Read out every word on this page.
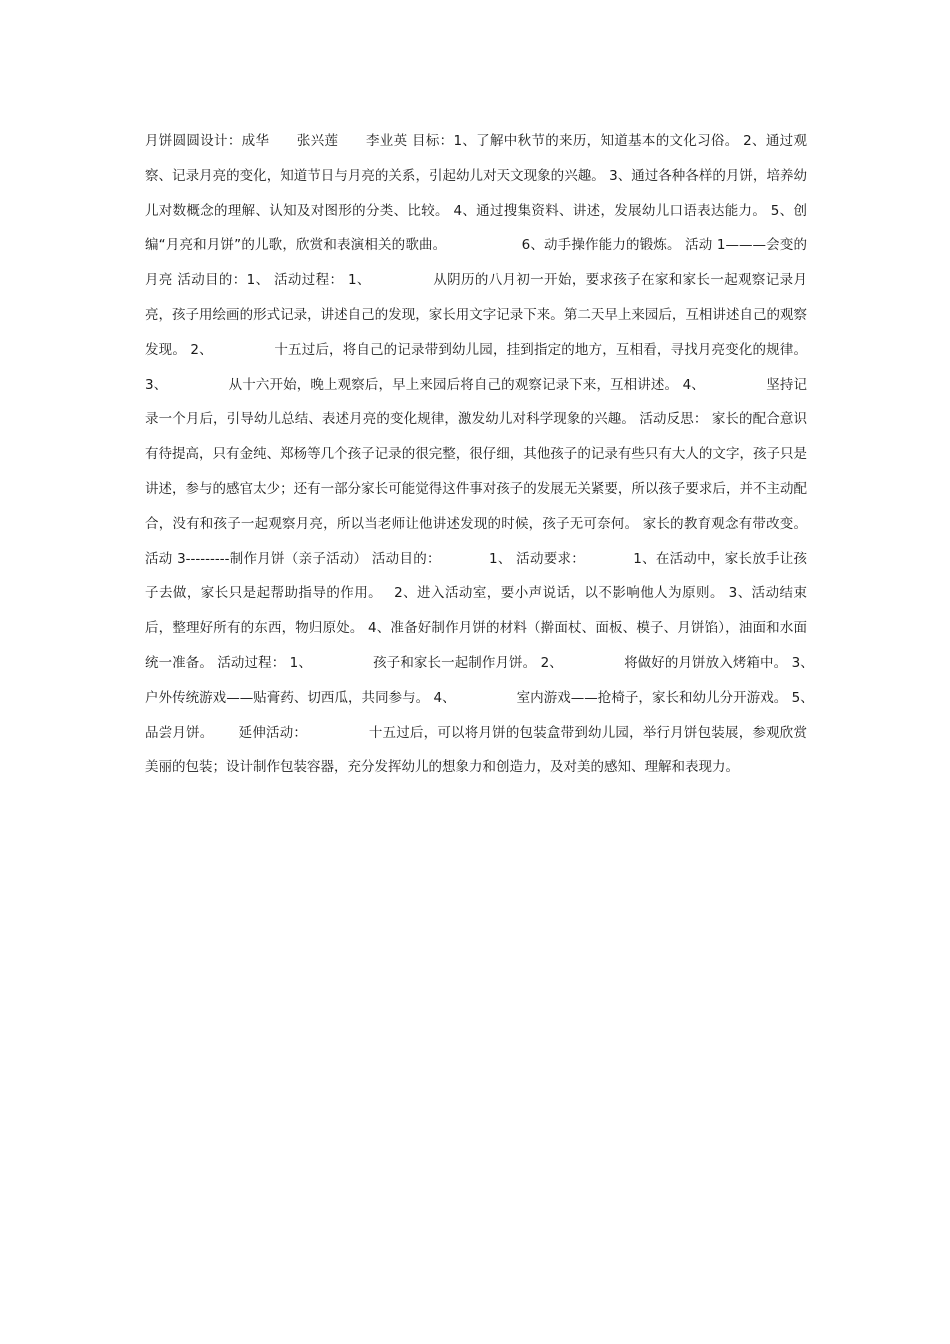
月饼圆圆设计：成华　　张兴莲　　李业英 目标：1、了解中秋节的来历，知道基本的文化习俗。 2、通过观察、记录月亮的变化，知道节日与月亮的关系，引起幼儿对天文现象的兴趣。 3、通过各种各样的月饼，培养幼儿对数概念的理解、认知及对图形的分类、比较。 4、通过搜集资料、讲述，发展幼儿口语表达能力。 5、创编“月亮和月饼”的儿歌，欣赏和表演相关的歌曲。　　　　　　6、动手操作能力的锻炼。 活动 1———会变的月亮 活动目的：1、 活动过程： 1、　　　　　从阴历的八月初一开始，要求孩子在家和家长一起观察记录月亮，孩子用绘画的形式记录，讲述自己的发现，家长用文字记录下来。第二天早上来园后，互相讲述自己的观察发现。 2、　　　　　十五过后，将自己的记录带到幼儿园，挂到指定的地方，互相看，寻找月亮变化的规律。 3、　　　　　从十六开始，晚上观察后，早上来园后将自己的观察记录下来，互相讲述。 4、　　　　　坚持记录一个月后，引导幼儿总结、表述月亮的变化规律，激发幼儿对科学现象的兴趣。 活动反思： 家长的配合意识有待提高，只有金纯、郑杨等几个孩子记录的很完整，很仔细，其他孩子的记录有些只有大人的文字，孩子只是讲述，参与的感官太少；还有一部分家长可能觉得这件事对孩子的发展无关紧要，所以孩子要求后，并不主动配合，没有和孩子一起观察月亮，所以当老师让他讲述发现的时候，孩子无可奈何。 家长的教育观念有带改变。 活动 3---------制作月饼（亲子活动） 活动目的：　　　　1、 活动要求：　　　　1、在活动中，家长放手让孩子去做，家长只是起帮助指导的作用。　 2、进入活动室，要小声说话，以不影响他人为原则。 3、活动结束后，整理好所有的东西，物归原处。 4、准备好制作月饼的材料（擀面杖、面板、模子、月饼馅），油面和水面统一准备。 活动过程： 1、　　　　　孩子和家长一起制作月饼。 2、　　　　　将做好的月饼放入烤箱中。 3、　　　　　户外传统游戏——贴膏药、切西瓜，共同参与。 4、　　　　　室内游戏——抢椅子，家长和幼儿分开游戏。 5、　　　　　品尝月饼。　　 延伸活动：　　　　　十五过后，可以将月饼的包装盒带到幼儿园，举行月饼包装展，参观欣赏美丽的包装；设计制作包装容器，充分发挥幼儿的想象力和创造力，及对美的感知、理解和表现力。
